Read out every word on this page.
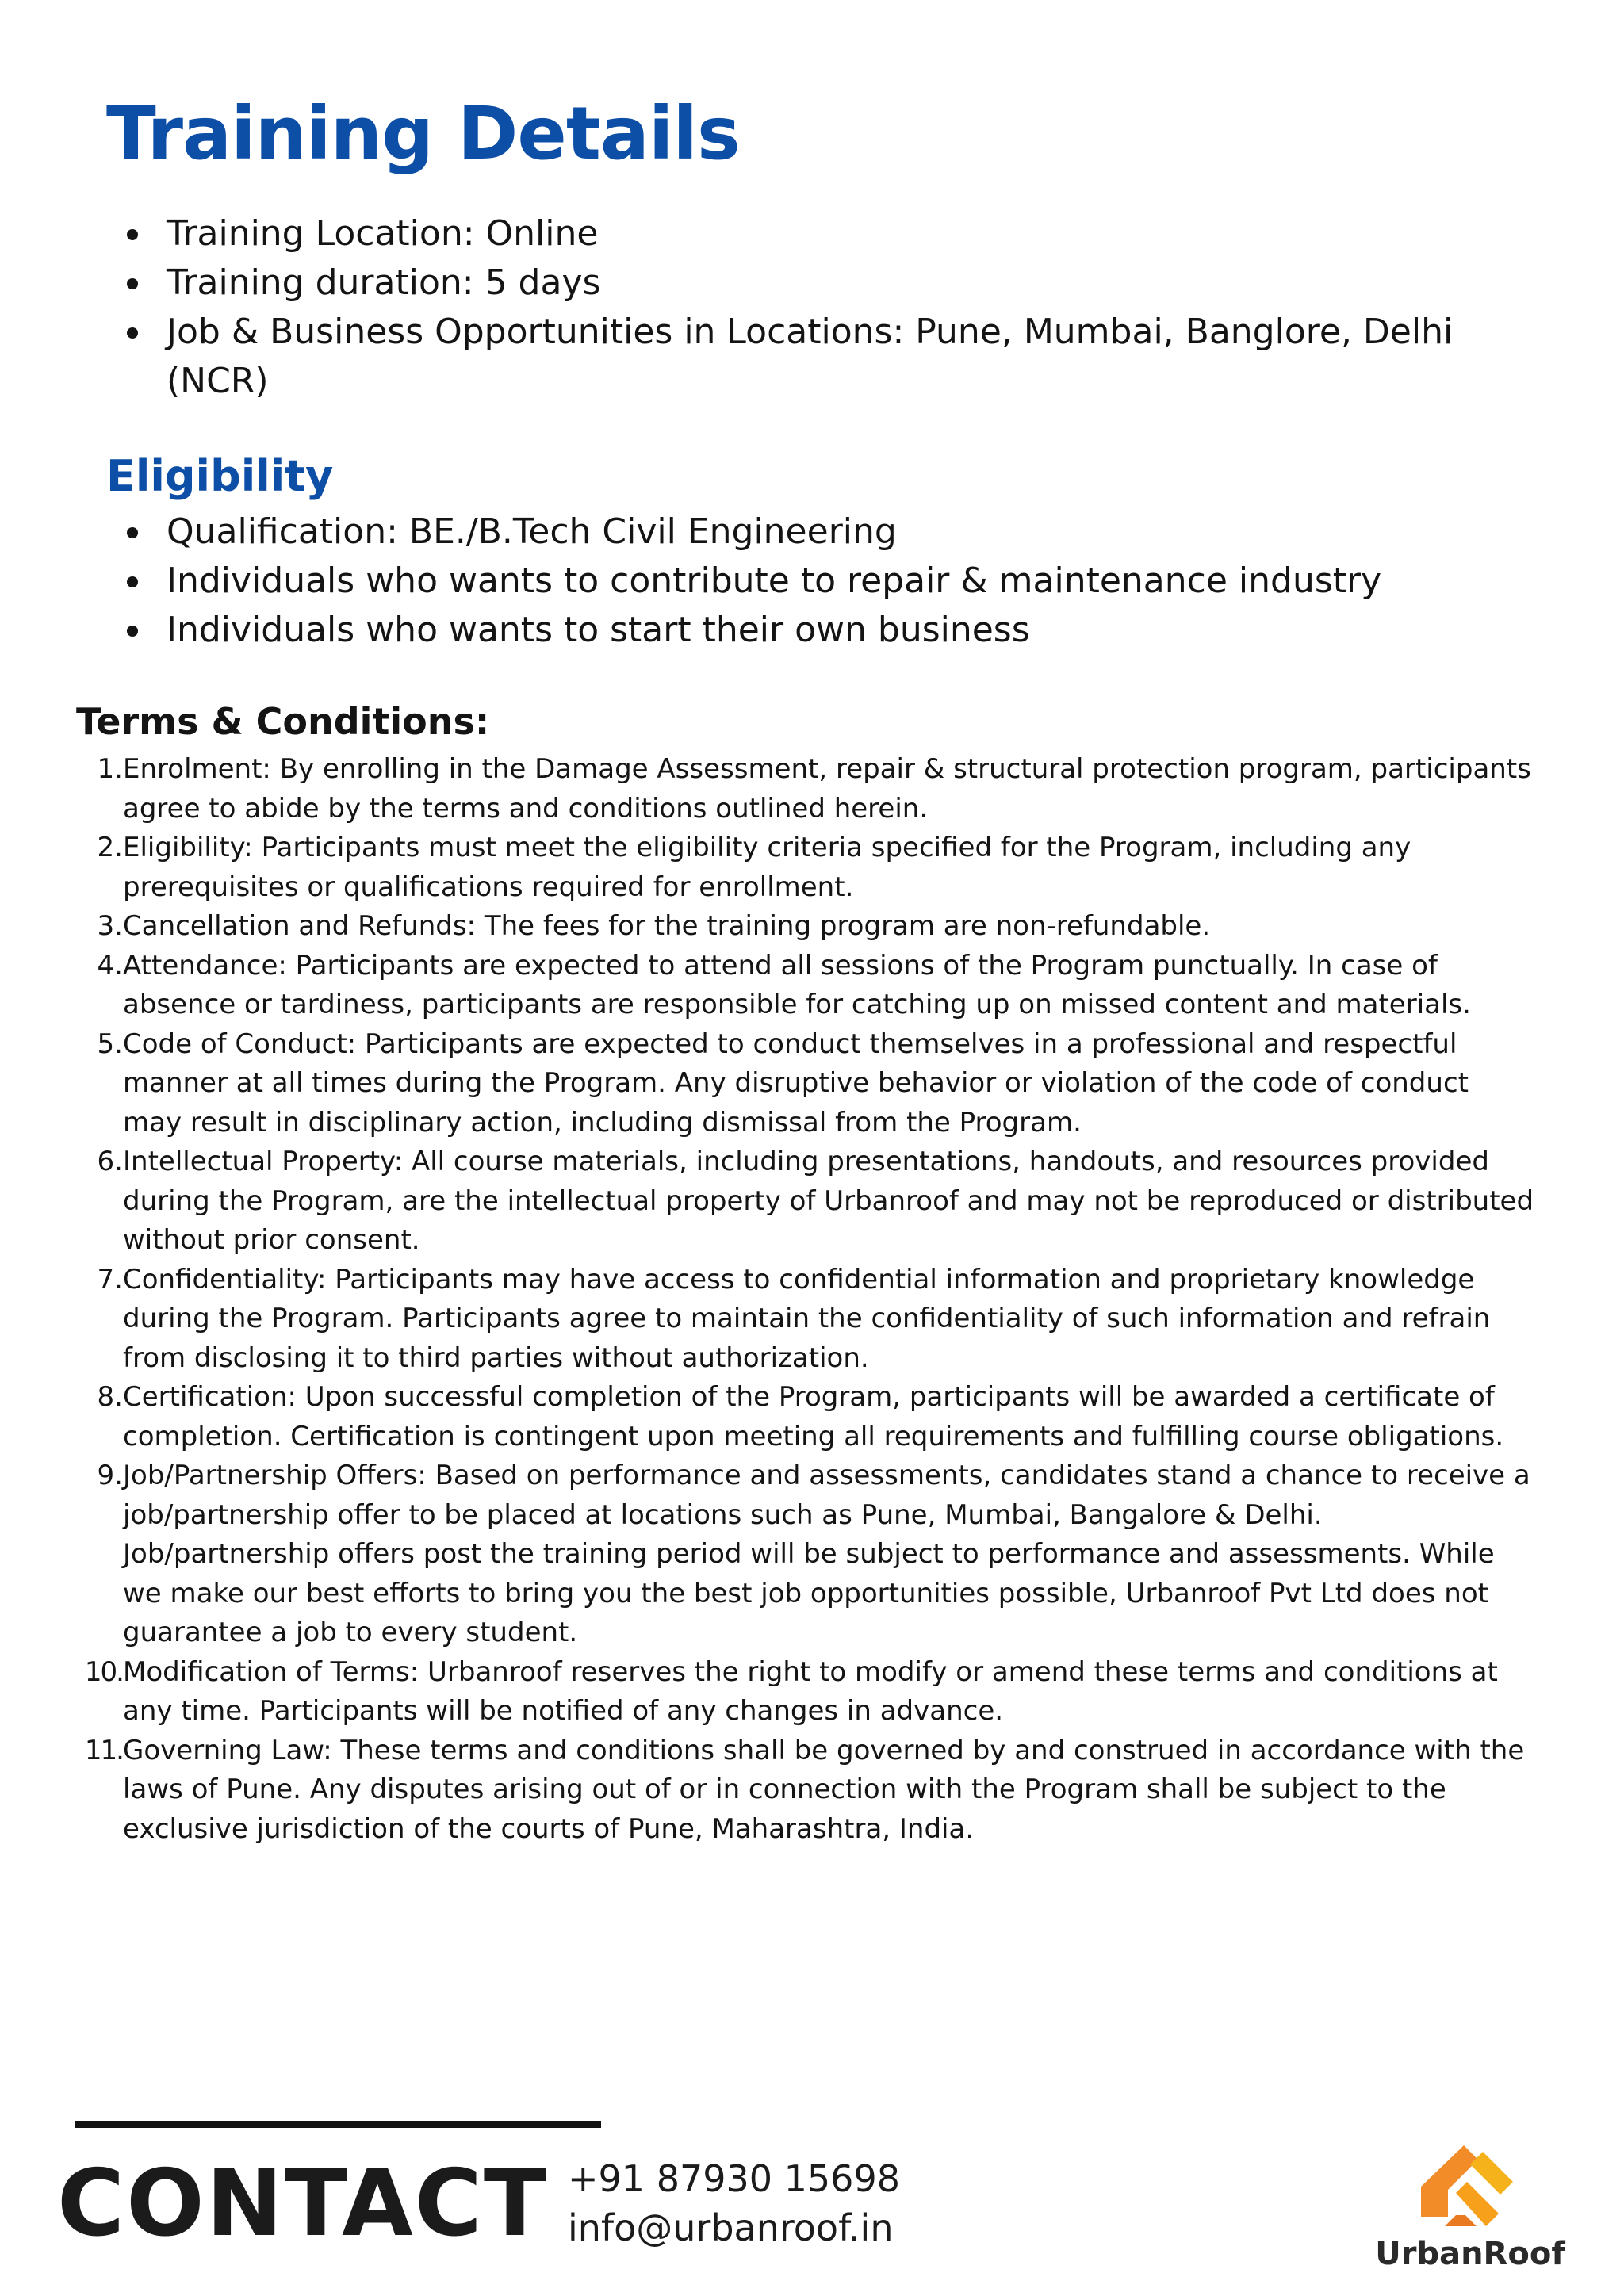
Training Details
Training Location: Online
Training duration: 5 days
Job & Business Opportunities in Locations: Pune, Mumbai, Banglore, Delhi (NCR)
Eligibility
Qualification: BE./B.Tech Civil Engineering
Individuals who wants to contribute to repair & maintenance industry
Individuals who wants to start their own business
Terms & Conditions:
1. Enrolment: By enrolling in the Damage Assessment, repair & structural protection program, participants agree to abide by the terms and conditions outlined herein.
2. Eligibility: Participants must meet the eligibility criteria specified for the Program, including any prerequisites or qualifications required for enrollment.
3. Cancellation and Refunds: The fees for the training program are non-refundable.
4. Attendance: Participants are expected to attend all sessions of the Program punctually. In case of absence or tardiness, participants are responsible for catching up on missed content and materials.
5. Code of Conduct: Participants are expected to conduct themselves in a professional and respectful manner at all times during the Program. Any disruptive behavior or violation of the code of conduct may result in disciplinary action, including dismissal from the Program.
6. Intellectual Property: All course materials, including presentations, handouts, and resources provided during the Program, are the intellectual property of Urbanroof and may not be reproduced or distributed without prior consent.
7. Confidentiality: Participants may have access to confidential information and proprietary knowledge during the Program. Participants agree to maintain the confidentiality of such information and refrain from disclosing it to third parties without authorization.
8. Certification: Upon successful completion of the Program, participants will be awarded a certificate of completion. Certification is contingent upon meeting all requirements and fulfilling course obligations.
9. Job/Partnership Offers: Based on performance and assessments, candidates stand a chance to receive a job/partnership offer to be placed at locations such as Pune, Mumbai, Bangalore & Delhi. Job/partnership offers post the training period will be subject to performance and assessments. While we make our best efforts to bring you the best job opportunities possible, Urbanroof Pvt Ltd does not guarantee a job to every student.
10. Modification of Terms: Urbanroof reserves the right to modify or amend these terms and conditions at any time. Participants will be notified of any changes in advance.
11. Governing Law: These terms and conditions shall be governed by and construed in accordance with the laws of Pune. Any disputes arising out of or in connection with the Program shall be subject to the exclusive jurisdiction of the courts of Pune, Maharashtra, India.
CONTACT +91 87930 15698
info@urbanroof.in
UrbanRoof
